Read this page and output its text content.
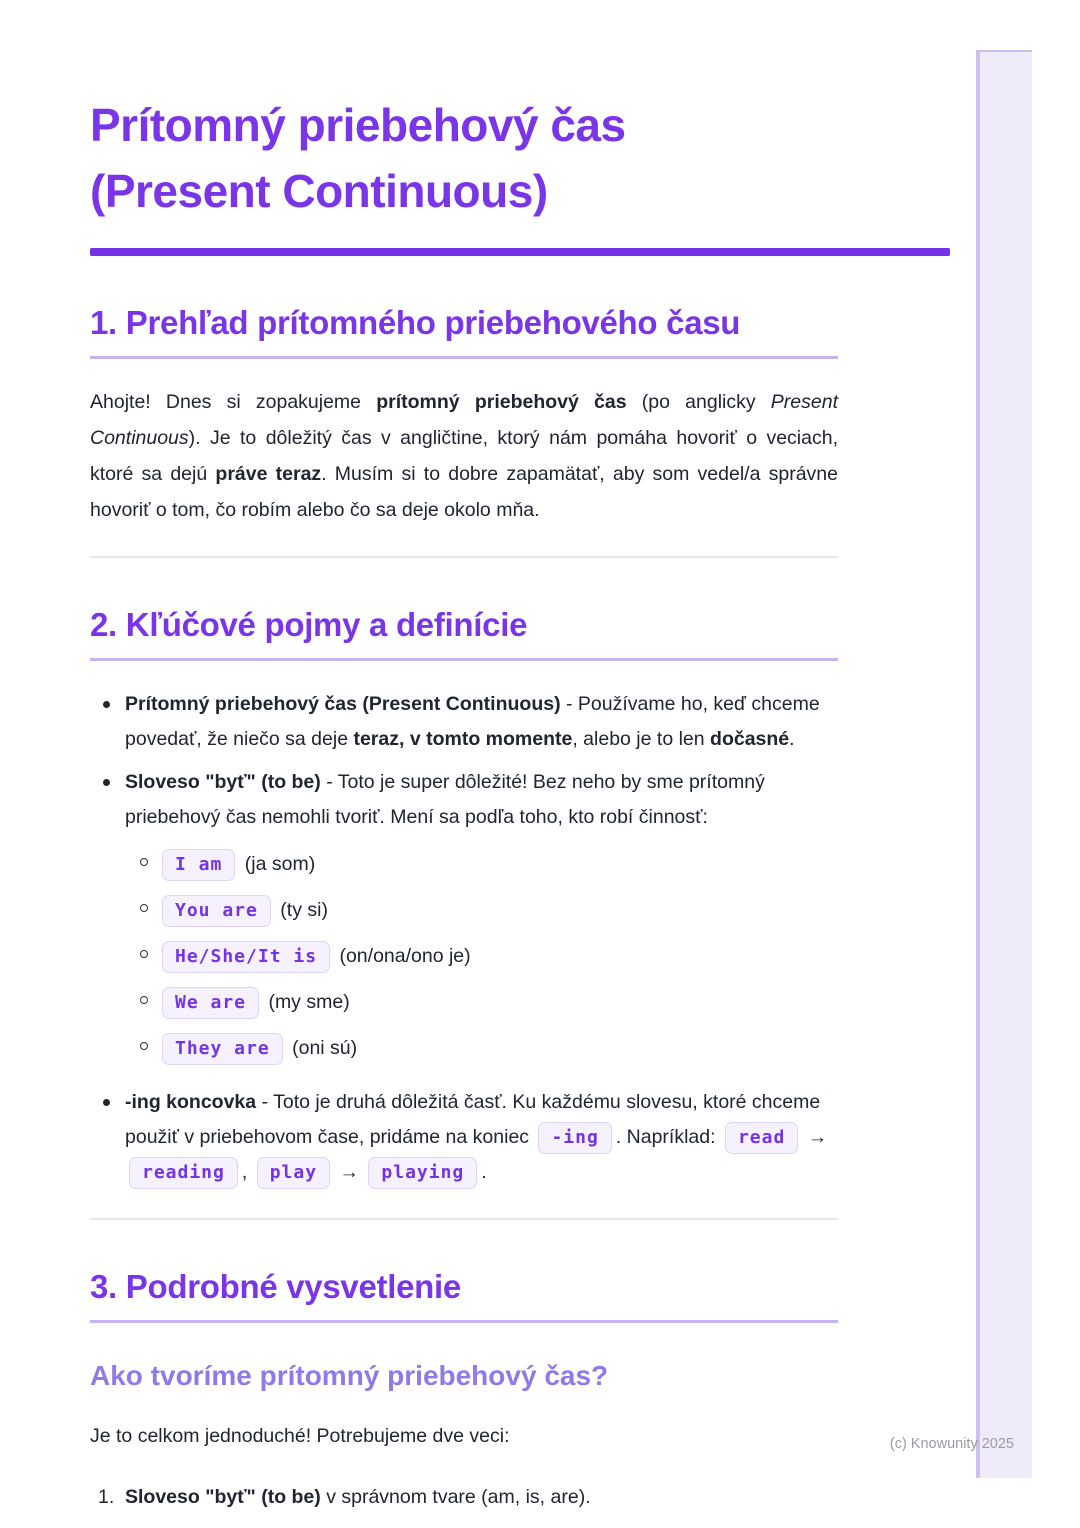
Prítomný priebehový čas
(Present Continuous)
1. Prehľad prítomného priebehového času

Ahojte! Dnes si zopakujeme prítomný priebehový čas (po anglicky Present Continuous). Je to dôležitý čas v angličtine, ktorý nám pomáha hovoriť o veciach, ktoré sa dejú práve teraz. Musím si to dobre zapamätať, aby som vedel/a správne hovoriť o tom, čo robím alebo čo sa deje okolo mňa.

2. Kľúčové pojmy a definície
Prítomný priebehový čas (Present Continuous) - Používame ho, keď chceme povedať, že niečo sa deje teraz, v tomto momente, alebo je to len dočasné.
Sloveso "byť" (to be) - Toto je super dôležité! Bez neho by sme prítomný priebehový čas nemohli tvoriť. Mení sa podľa toho, kto robí činnosť:
I am (ja som)
You are (ty si)
He/She/It is (on/ona/ono je)
We are (my sme)
They are (oni sú)
-ing koncovka - Toto je druhá dôležitá časť. Ku každému slovesu, ktoré chceme použiť v priebehovom čase, pridáme na koniec -ing . Napríklad: read → reading , play → playing .
3. Podrobné vysvetlenie
Ako tvoríme prítomný priebehový čas?

Je to celkom jednoduché! Potrebujeme dve veci:

1. Sloveso "byť" (to be) v správnom tvare (am, is, are).
(c) Knowunity 2025
